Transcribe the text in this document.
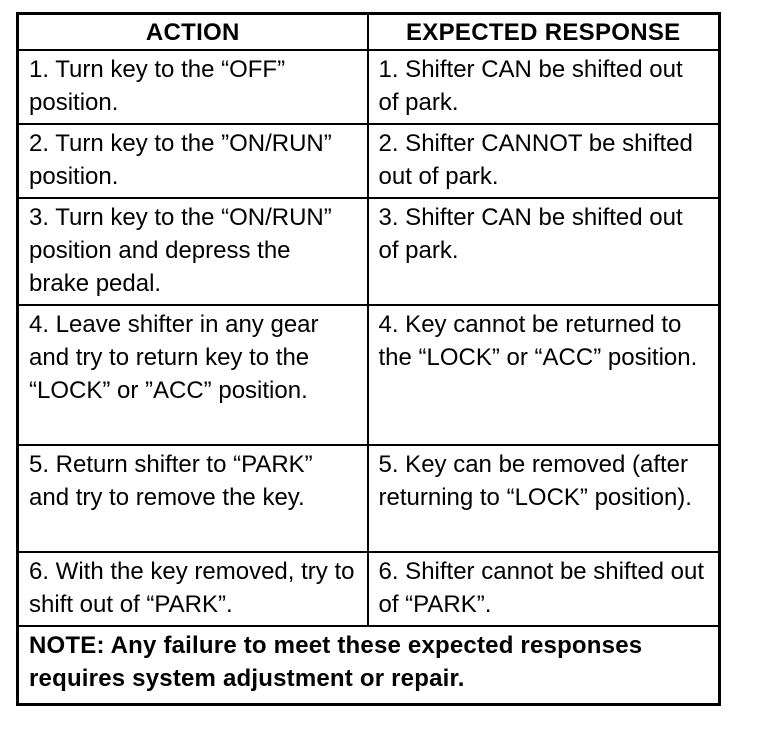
ACTION	EXPECTED RESPONSE
1. Turn key to the “OFF” position.	1. Shifter CAN be shifted out of park.
2. Turn key to the ”ON/RUN” position.	2. Shifter CANNOT be shifted out of park.
3. Turn key to the “ON/RUN” position and depress the brake pedal.	3. Shifter CAN be shifted out of park.
4. Leave shifter in any gear and try to return key to the “LOCK” or ”ACC” position.	4. Key cannot be returned to the “LOCK” or “ACC” position.
5. Return shifter to “PARK” and try to remove the key.	5. Key can be removed (after returning to “LOCK” position).
6. With the key removed, try to shift out of “PARK”.	6. Shifter cannot be shifted out of “PARK”.
NOTE: Any failure to meet these expected responses requires system adjustment or repair.	
